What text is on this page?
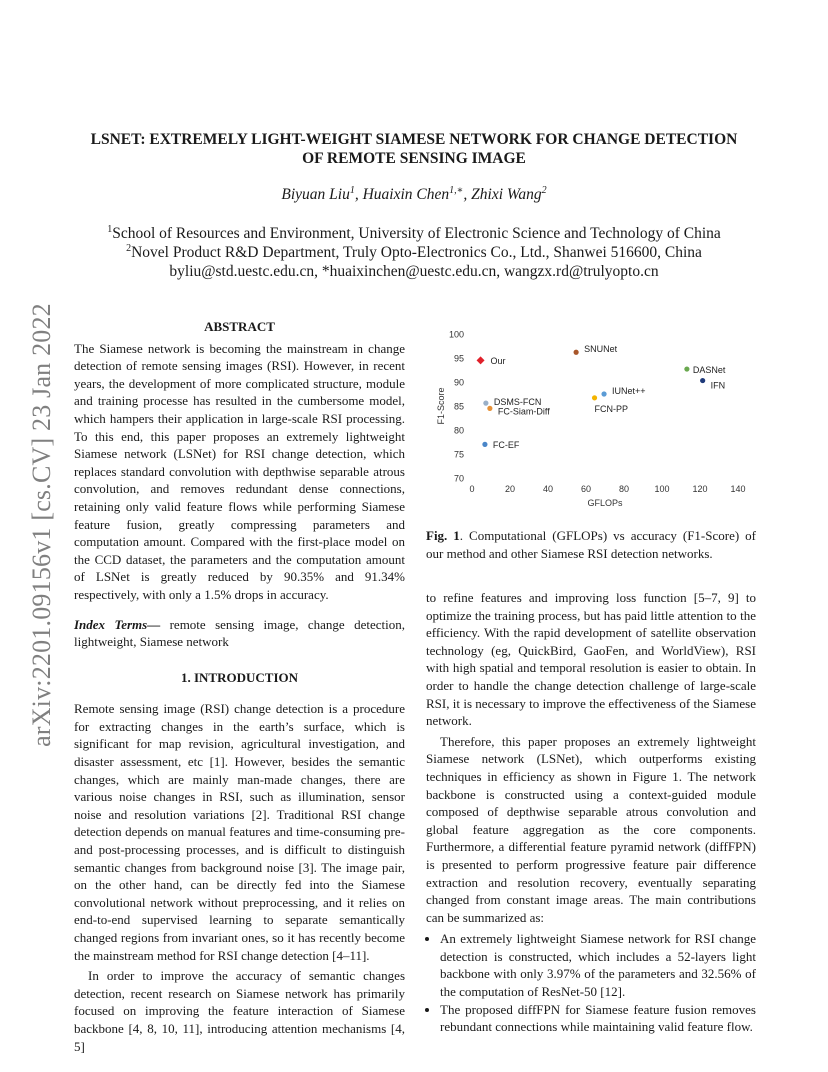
arXiv:2201.09156v1 [cs.CV] 23 Jan 2022
LSNET: EXTREMELY LIGHT-WEIGHT SIAMESE NETWORK FOR CHANGE DETECTION
OF REMOTE SENSING IMAGE
Biyuan Liu$^1$, Huaixin Chen$^{1,∗}$, Zhixi Wang$^2$
$^1$School of Resources and Environment, University of Electronic Science and Technology of China
$^2$Novel Product R&D Department, Truly Opto-Electronics Co., Ltd., Shanwei 516600, China
byliu@std.uestc.edu.cn, *huaixinchen@uestc.edu.cn, wangzx.rd@trulyopto.cn

ABSTRACT

The Siamese network is becoming the mainstream in change detection of remote sensing images (RSI). However, in recent years, the development of more complicated structure, module and training processe has resulted in the cumbersome model, which hampers their application in large-scale RSI processing. To this end, this paper proposes an extremely lightweight Siamese network (LSNet) for RSI change detection, which replaces standard convolution with depthwise separable atrous convolution, and removes redundant dense connections, retaining only valid feature flows while performing Siamese feature fusion, greatly compressing parameters and computation amount. Compared with the first-place model on the CCD dataset, the parameters and the computation amount of LSNet is greatly reduced by 90.35% and 91.34% respectively, with only a 1.5% drops in accuracy.

Index Terms— remote sensing image, change detection, lightweight, Siamese network

1. INTRODUCTION

Remote sensing image (RSI) change detection is a procedure for extracting changes in the earth’s surface, which is significant for map revision, agricultural investigation, and disaster assessment, etc [1]. However, besides the semantic changes, which are mainly man-made changes, there are various noise changes in RSI, such as illumination, sensor noise and resolution variations [2]. Traditional RSI change detection depends on manual features and time-consuming pre- and post-processing processes, and is difficult to distinguish semantic changes from background noise [3]. The image pair, on the other hand, can be directly fed into the Siamese convolutional network without preprocessing, and it relies on end-to-end supervised learning to separate semantically changed regions from invariant ones, so it has recently become the mainstream method for RSI change detection [4–11].

In order to improve the accuracy of semantic changes detection, recent research on Siamese network has primarily focused on improving the feature interaction of Siamese backbone [4, 8, 10, 11], introducing attention mechanisms [4, 5]

70
75
80
85
90
95
100
0	20	40	60	80	100	120	140
GFLOPs
F1-Score
Our
SNUNet
DASNet
IFN
IUNet++
FCN-PP
DSMS-FCN
FC-Siam-Diff
FC-EF
Fig. 1. Computational (GFLOPs) vs accuracy (F1-Score) of our method and other Siamese RSI detection networks.

to refine features and improving loss function [5–7, 9] to optimize the training process, but has paid little attention to the efficiency. With the rapid development of satellite observation technology (eg, QuickBird, GaoFen, and WorldView), RSI with high spatial and temporal resolution is easier to obtain. In order to handle the change detection challenge of large-scale RSI, it is necessary to improve the effectiveness of the Siamese network.

Therefore, this paper proposes an extremely lightweight Siamese network (LSNet), which outperforms existing techniques in efficiency as shown in Figure 1. The network backbone is constructed using a context-guided module composed of depthwise separable atrous convolution and global feature aggregation as the core components. Furthermore, a differential feature pyramid network (diffFPN) is presented to perform progressive feature pair difference extraction and resolution recovery, eventually separating changed from constant image areas. The main contributions can be summarized as:

• An extremely lightweight Siamese network for RSI change detection is constructed, which includes a 52-layers light backbone with only 3.97% of the parameters and 32.56% of the computation of ResNet-50 [12].
• The proposed diffFPN for Siamese feature fusion removes rebundant connections while maintaining valid feature flow.
